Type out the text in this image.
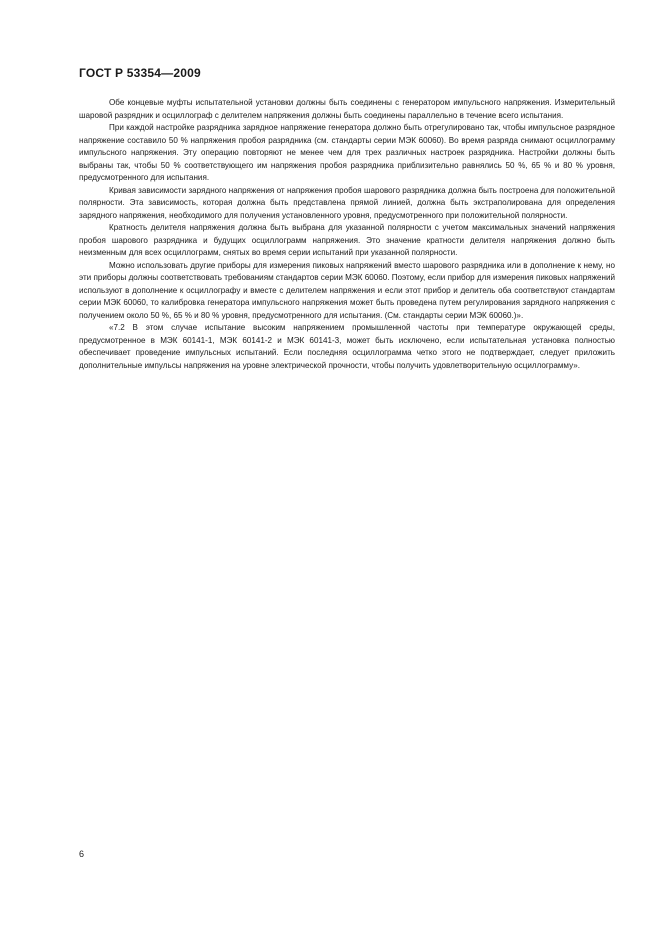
ГОСТ Р 53354—2009

Обе концевые муфты испытательной установки должны быть соединены с генератором импульсного напряжения. Измерительный шаровой разрядник и осциллограф с делителем напряжения должны быть соединены параллельно в течение всего испытания.

При каждой настройке разрядника зарядное напряжение генератора должно быть отрегулировано так, чтобы импульсное разрядное напряжение составило 50 % напряжения пробоя разрядника (см. стандарты серии МЭК 60060). Во время разряда снимают осциллограмму импульсного напряжения. Эту операцию повторяют не менее чем для трех различных настроек разрядника. Настройки должны быть выбраны так, чтобы 50 % соответствующего им напряжения пробоя разрядника приблизительно равнялись 50 %, 65 % и 80 % уровня, предусмотренного для испытания.

Кривая зависимости зарядного напряжения от напряжения пробоя шарового разрядника должна быть построена для положительной полярности. Эта зависимость, которая должна быть представлена прямой линией, должна быть экстраполирована для определения зарядного напряжения, необходимого для получения установленного уровня, предусмотренного при положительной полярности.

Кратность делителя напряжения должна быть выбрана для указанной полярности с учетом максимальных значений напряжения пробоя шарового разрядника и будущих осциллограмм напряжения. Это значение кратности делителя напряжения должно быть неизменным для всех осциллограмм, снятых во время серии испытаний при указанной полярности.

Можно использовать другие приборы для измерения пиковых напряжений вместо шарового разрядника или в дополнение к нему, но эти приборы должны соответствовать требованиям стандартов серии МЭК 60060. Поэтому, если прибор для измерения пиковых напряжений используют в дополнение к осциллографу и вместе с делителем напряжения и если этот прибор и делитель оба соответствуют стандартам серии МЭК 60060, то калибровка генератора импульсного напряжения может быть проведена путем регулирования зарядного напряжения с получением около 50 %, 65 % и 80 % уровня, предусмотренного для испытания. (См. стандарты серии МЭК 60060.)».

«7.2 В этом случае испытание высоким напряжением промышленной частоты при температуре окружающей среды, предусмотренное в МЭК 60141-1, МЭК 60141-2 и МЭК 60141-3, может быть исключено, если испытательная установка полностью обеспечивает проведение импульсных испытаний. Если последняя осциллограмма четко этого не подтверждает, следует приложить дополнительные импульсы напряжения на уровне электрической прочности, чтобы получить удовлетворительную осциллограмму».

6
